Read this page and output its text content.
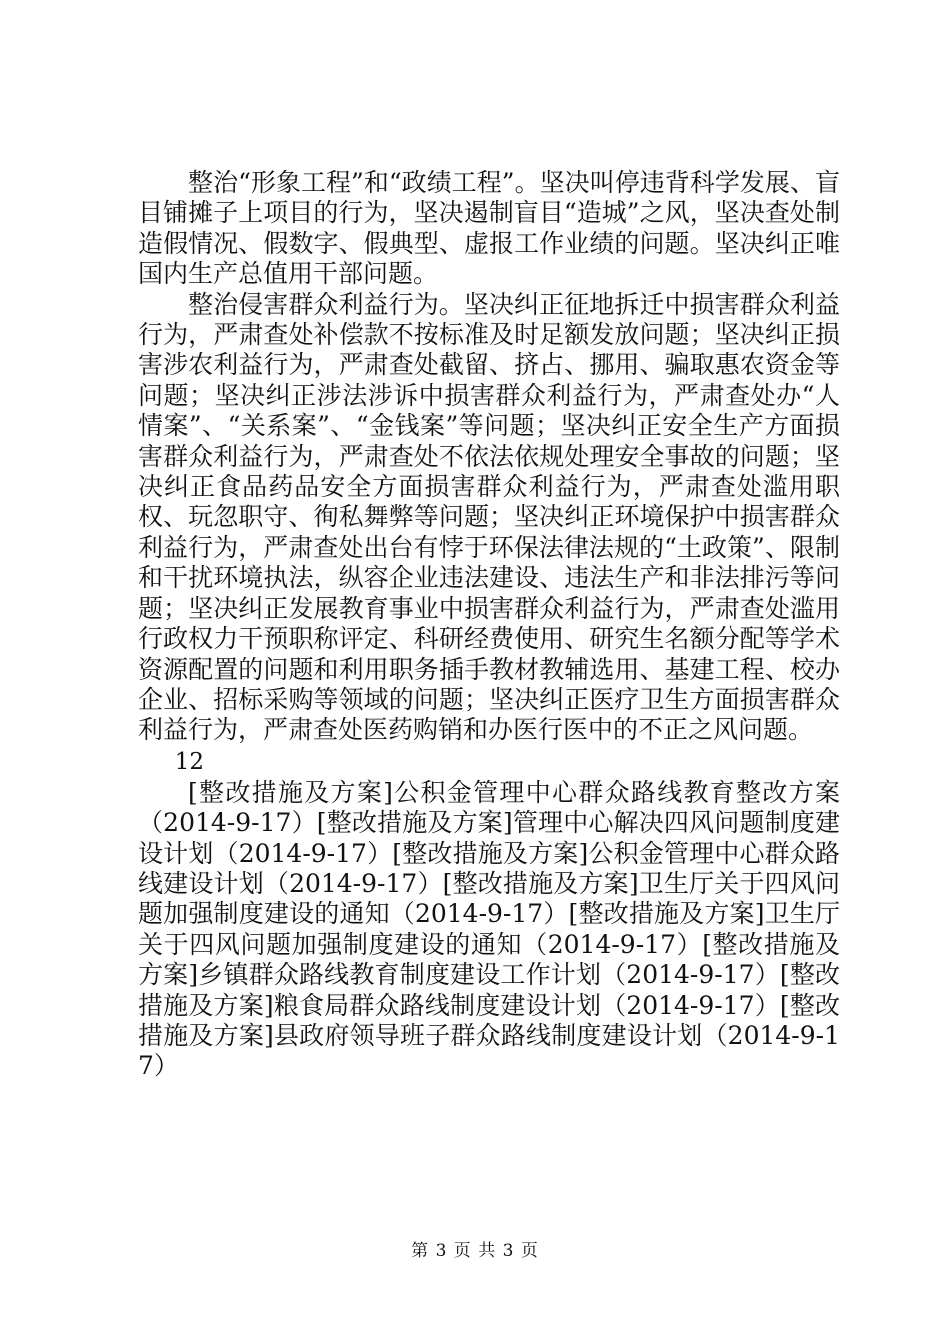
整治“形象工程”和“政绩工程”。坚决叫停违背科学发展、盲目铺摊子上项目的行为，坚决遏制盲目“造城”之风，坚决查处制造假情况、假数字、假典型、虚报工作业绩的问题。坚决纠正唯国内生产总值用干部问题。

整治侵害群众利益行为。坚决纠正征地拆迁中损害群众利益行为，严肃查处补偿款不按标准及时足额发放问题；坚决纠正损害涉农利益行为，严肃查处截留、挤占、挪用、骗取惠农资金等问题；坚决纠正涉法涉诉中损害群众利益行为，严肃查处办“人情案”、“关系案”、“金钱案”等问题；坚决纠正安全生产方面损害群众利益行为，严肃查处不依法依规处理安全事故的问题；坚决纠正食品药品安全方面损害群众利益行为，严肃查处滥用职权、玩忽职守、徇私舞弊等问题；坚决纠正环境保护中损害群众利益行为，严肃查处出台有悖于环保法律法规的“土政策”、限制和干扰环境执法，纵容企业违法建设、违法生产和非法排污等问题；坚决纠正发展教育事业中损害群众利益行为，严肃查处滥用行政权力干预职称评定、科研经费使用、研究生名额分配等学术资源配置的问题和利用职务插手教材教辅选用、基建工程、校办企业、招标采购等领域的问题；坚决纠正医疗卫生方面损害群众利益行为，严肃查处医药购销和办医行医中的不正之风问题。

12

[整改措施及方案]公积金管理中心群众路线教育整改方案（2014-9-17）[整改措施及方案]管理中心解决四风问题制度建设计划（2014-9-17）[整改措施及方案]公积金管理中心群众路线建设计划（2014-9-17）[整改措施及方案]卫生厅关于四风问题加强制度建设的通知（2014-9-17）[整改措施及方案]卫生厅关于四风问题加强制度建设的通知（2014-9-17）[整改措施及方案]乡镇群众路线教育制度建设工作计划（2014-9-17）[整改措施及方案]粮食局群众路线制度建设计划（2014-9-17）[整改措施及方案]县政府领导班子群众路线制度建设计划（2014-9-17）

第 3 页 共 3 页
